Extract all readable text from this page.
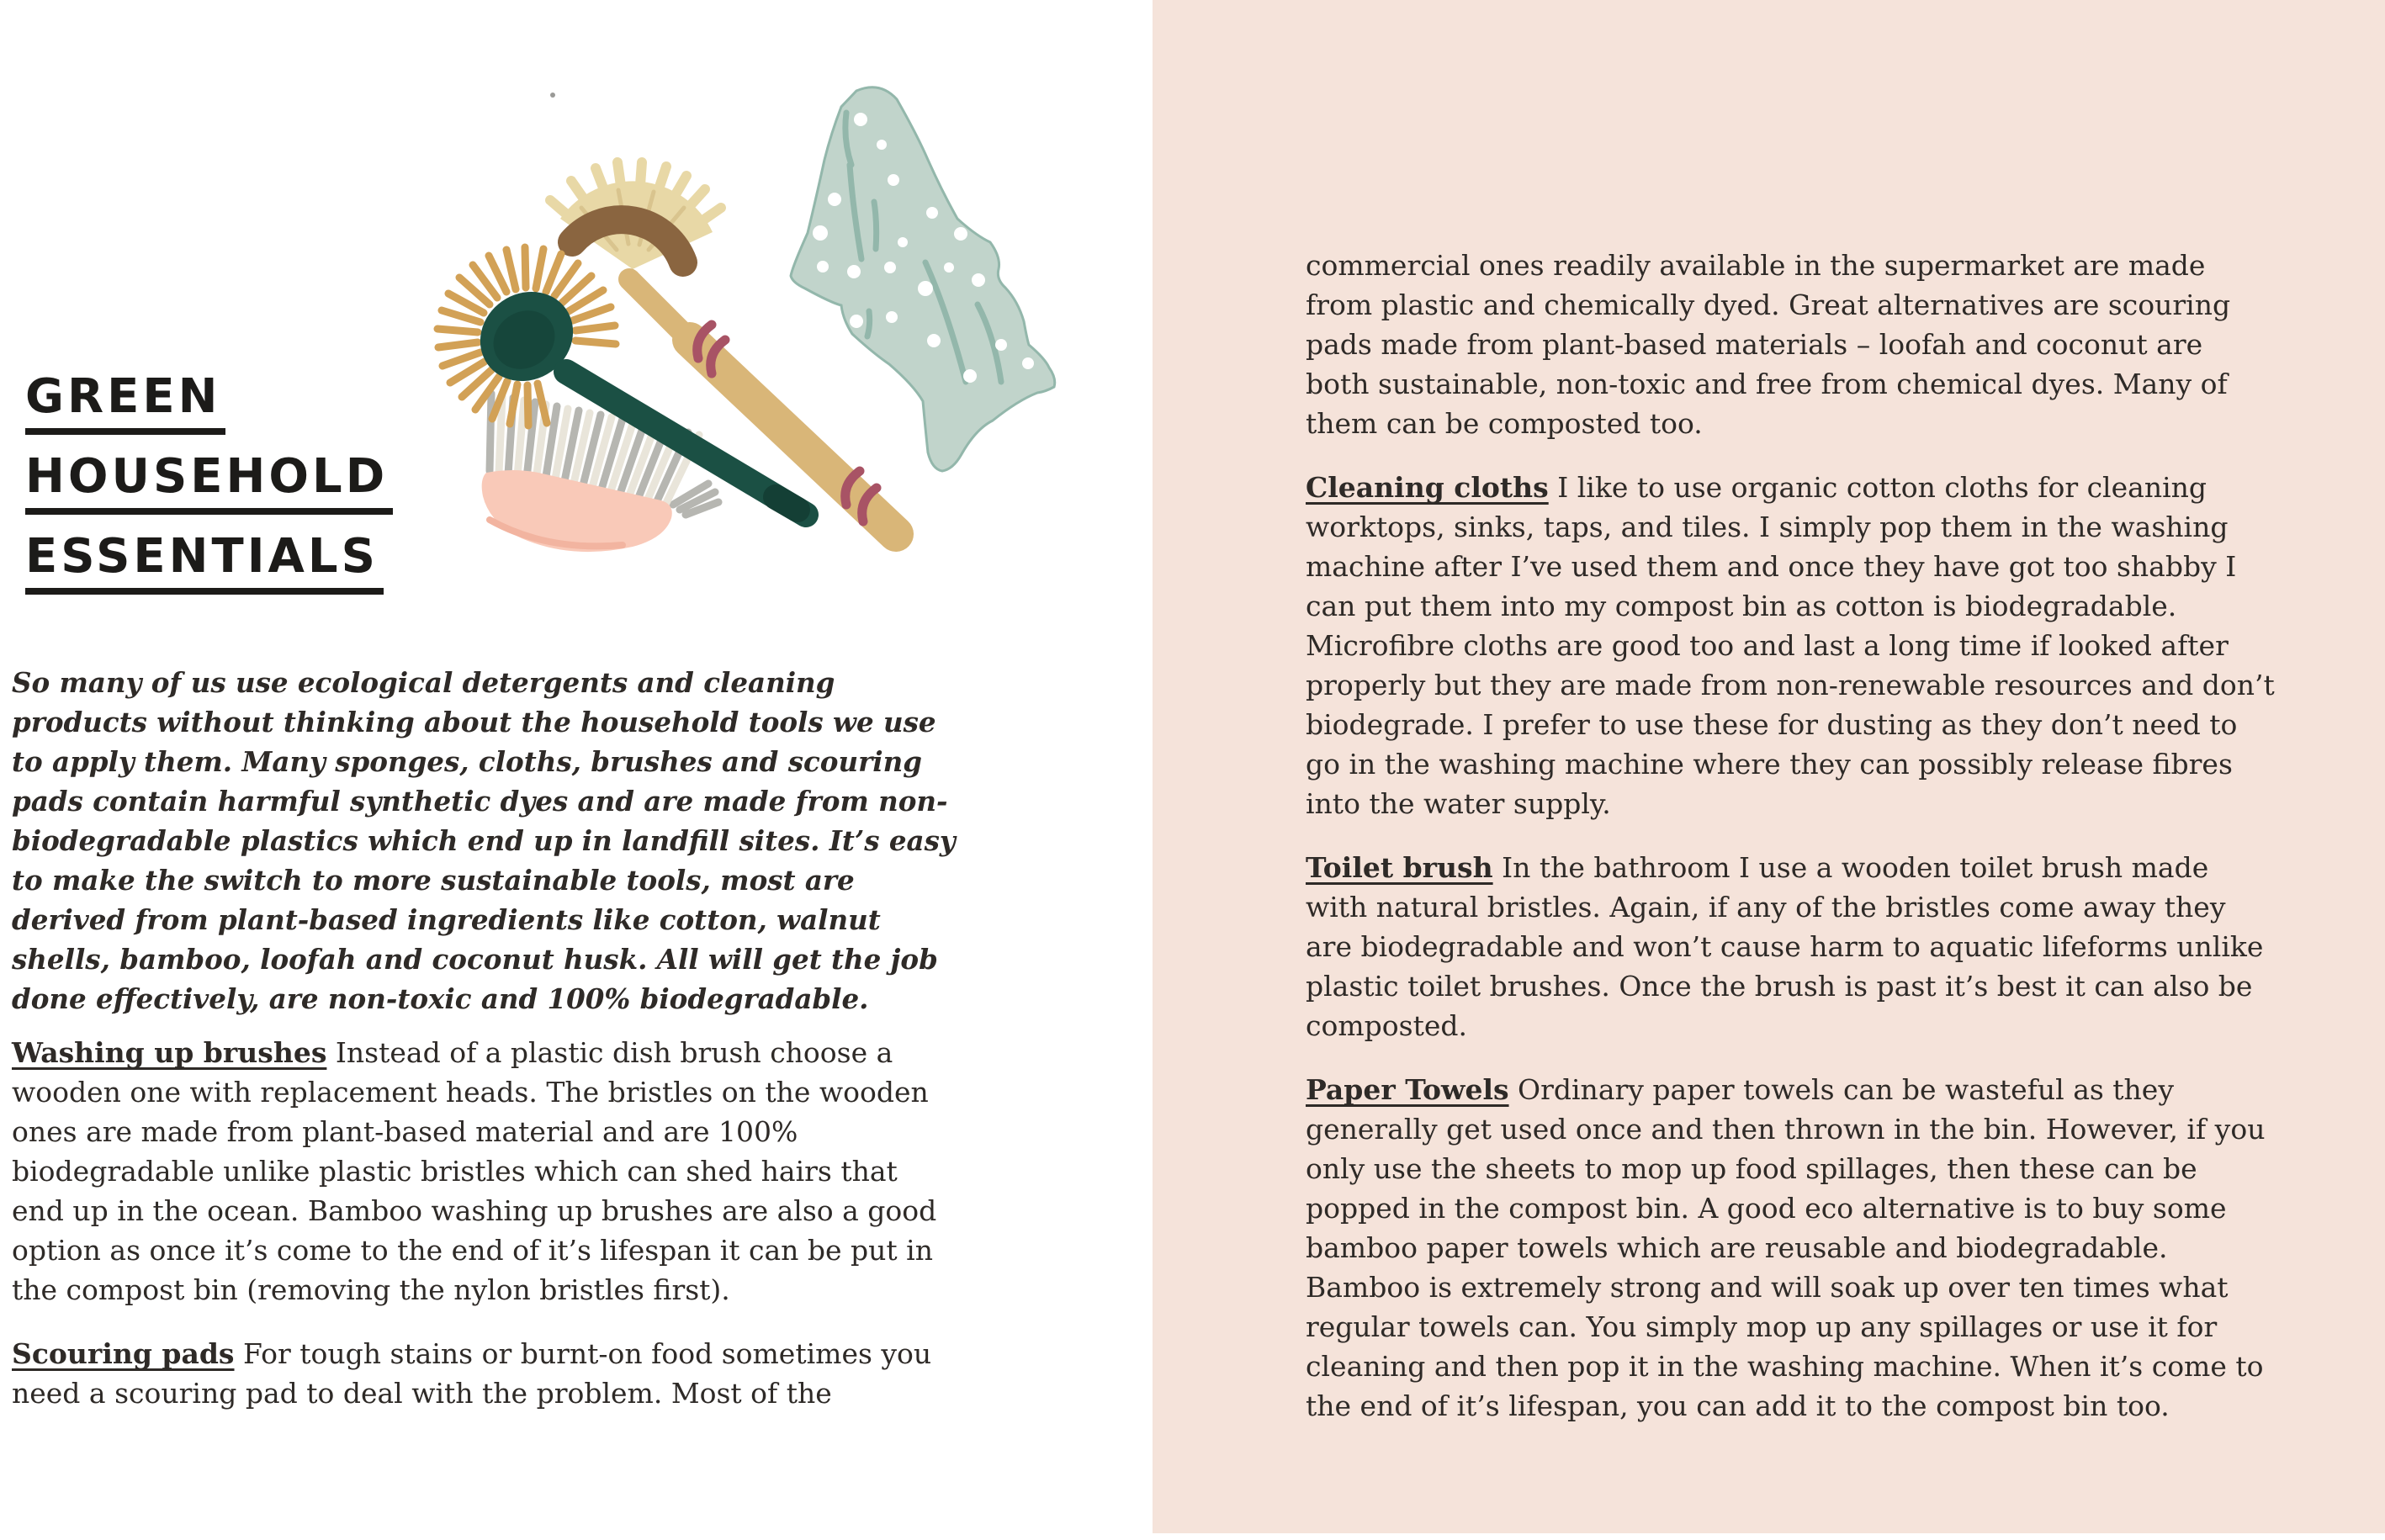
GREEN
HOUSEHOLD
ESSENTIALS

So many of us use ecological detergents and cleaning products without thinking about the household tools we use to apply them. Many sponges, cloths, brushes and scouring pads contain harmful synthetic dyes and are made from non-biodegradable plastics which end up in landfill sites. It’s easy to make the switch to more sustainable tools, most are derived from plant-based ingredients like cotton, walnut shells, bamboo, loofah and coconut husk. All will get the job done effectively, are non-toxic and 100% biodegradable.

Washing up brushes Instead of a plastic dish brush choose a wooden one with replacement heads. The bristles on the wooden ones are made from plant-based material and are 100% biodegradable unlike plastic bristles which can shed hairs that end up in the ocean. Bamboo washing up brushes are also a good option as once it’s come to the end of it’s lifespan it can be put in the compost bin (removing the nylon bristles first).

Scouring pads For tough stains or burnt-on food sometimes you need a scouring pad to deal with the problem. Most of the

commercial ones readily available in the supermarket are made from plastic and chemically dyed. Great alternatives are scouring pads made from plant-based materials – loofah and coconut are both sustainable, non-toxic and free from chemical dyes. Many of them can be composted too.

Cleaning cloths I like to use organic cotton cloths for cleaning worktops, sinks, taps, and tiles. I simply pop them in the washing machine after I’ve used them and once they have got too shabby I can put them into my compost bin as cotton is biodegradable. Microfibre cloths are good too and last a long time if looked after properly but they are made from non-renewable resources and don’t biodegrade. I prefer to use these for dusting as they don’t need to go in the washing machine where they can possibly release fibres into the water supply.

Toilet brush In the bathroom I use a wooden toilet brush made with natural bristles. Again, if any of the bristles come away they are biodegradable and won’t cause harm to aquatic lifeforms unlike plastic toilet brushes. Once the brush is past it’s best it can also be composted.

Paper Towels Ordinary paper towels can be wasteful as they generally get used once and then thrown in the bin. However, if you only use the sheets to mop up food spillages, then these can be popped in the compost bin. A good eco alternative is to buy some bamboo paper towels which are reusable and biodegradable. Bamboo is extremely strong and will soak up over ten times what regular towels can. You simply mop up any spillages or use it for cleaning and then pop it in the washing machine. When it’s come to the end of it’s lifespan, you can add it to the compost bin too.
